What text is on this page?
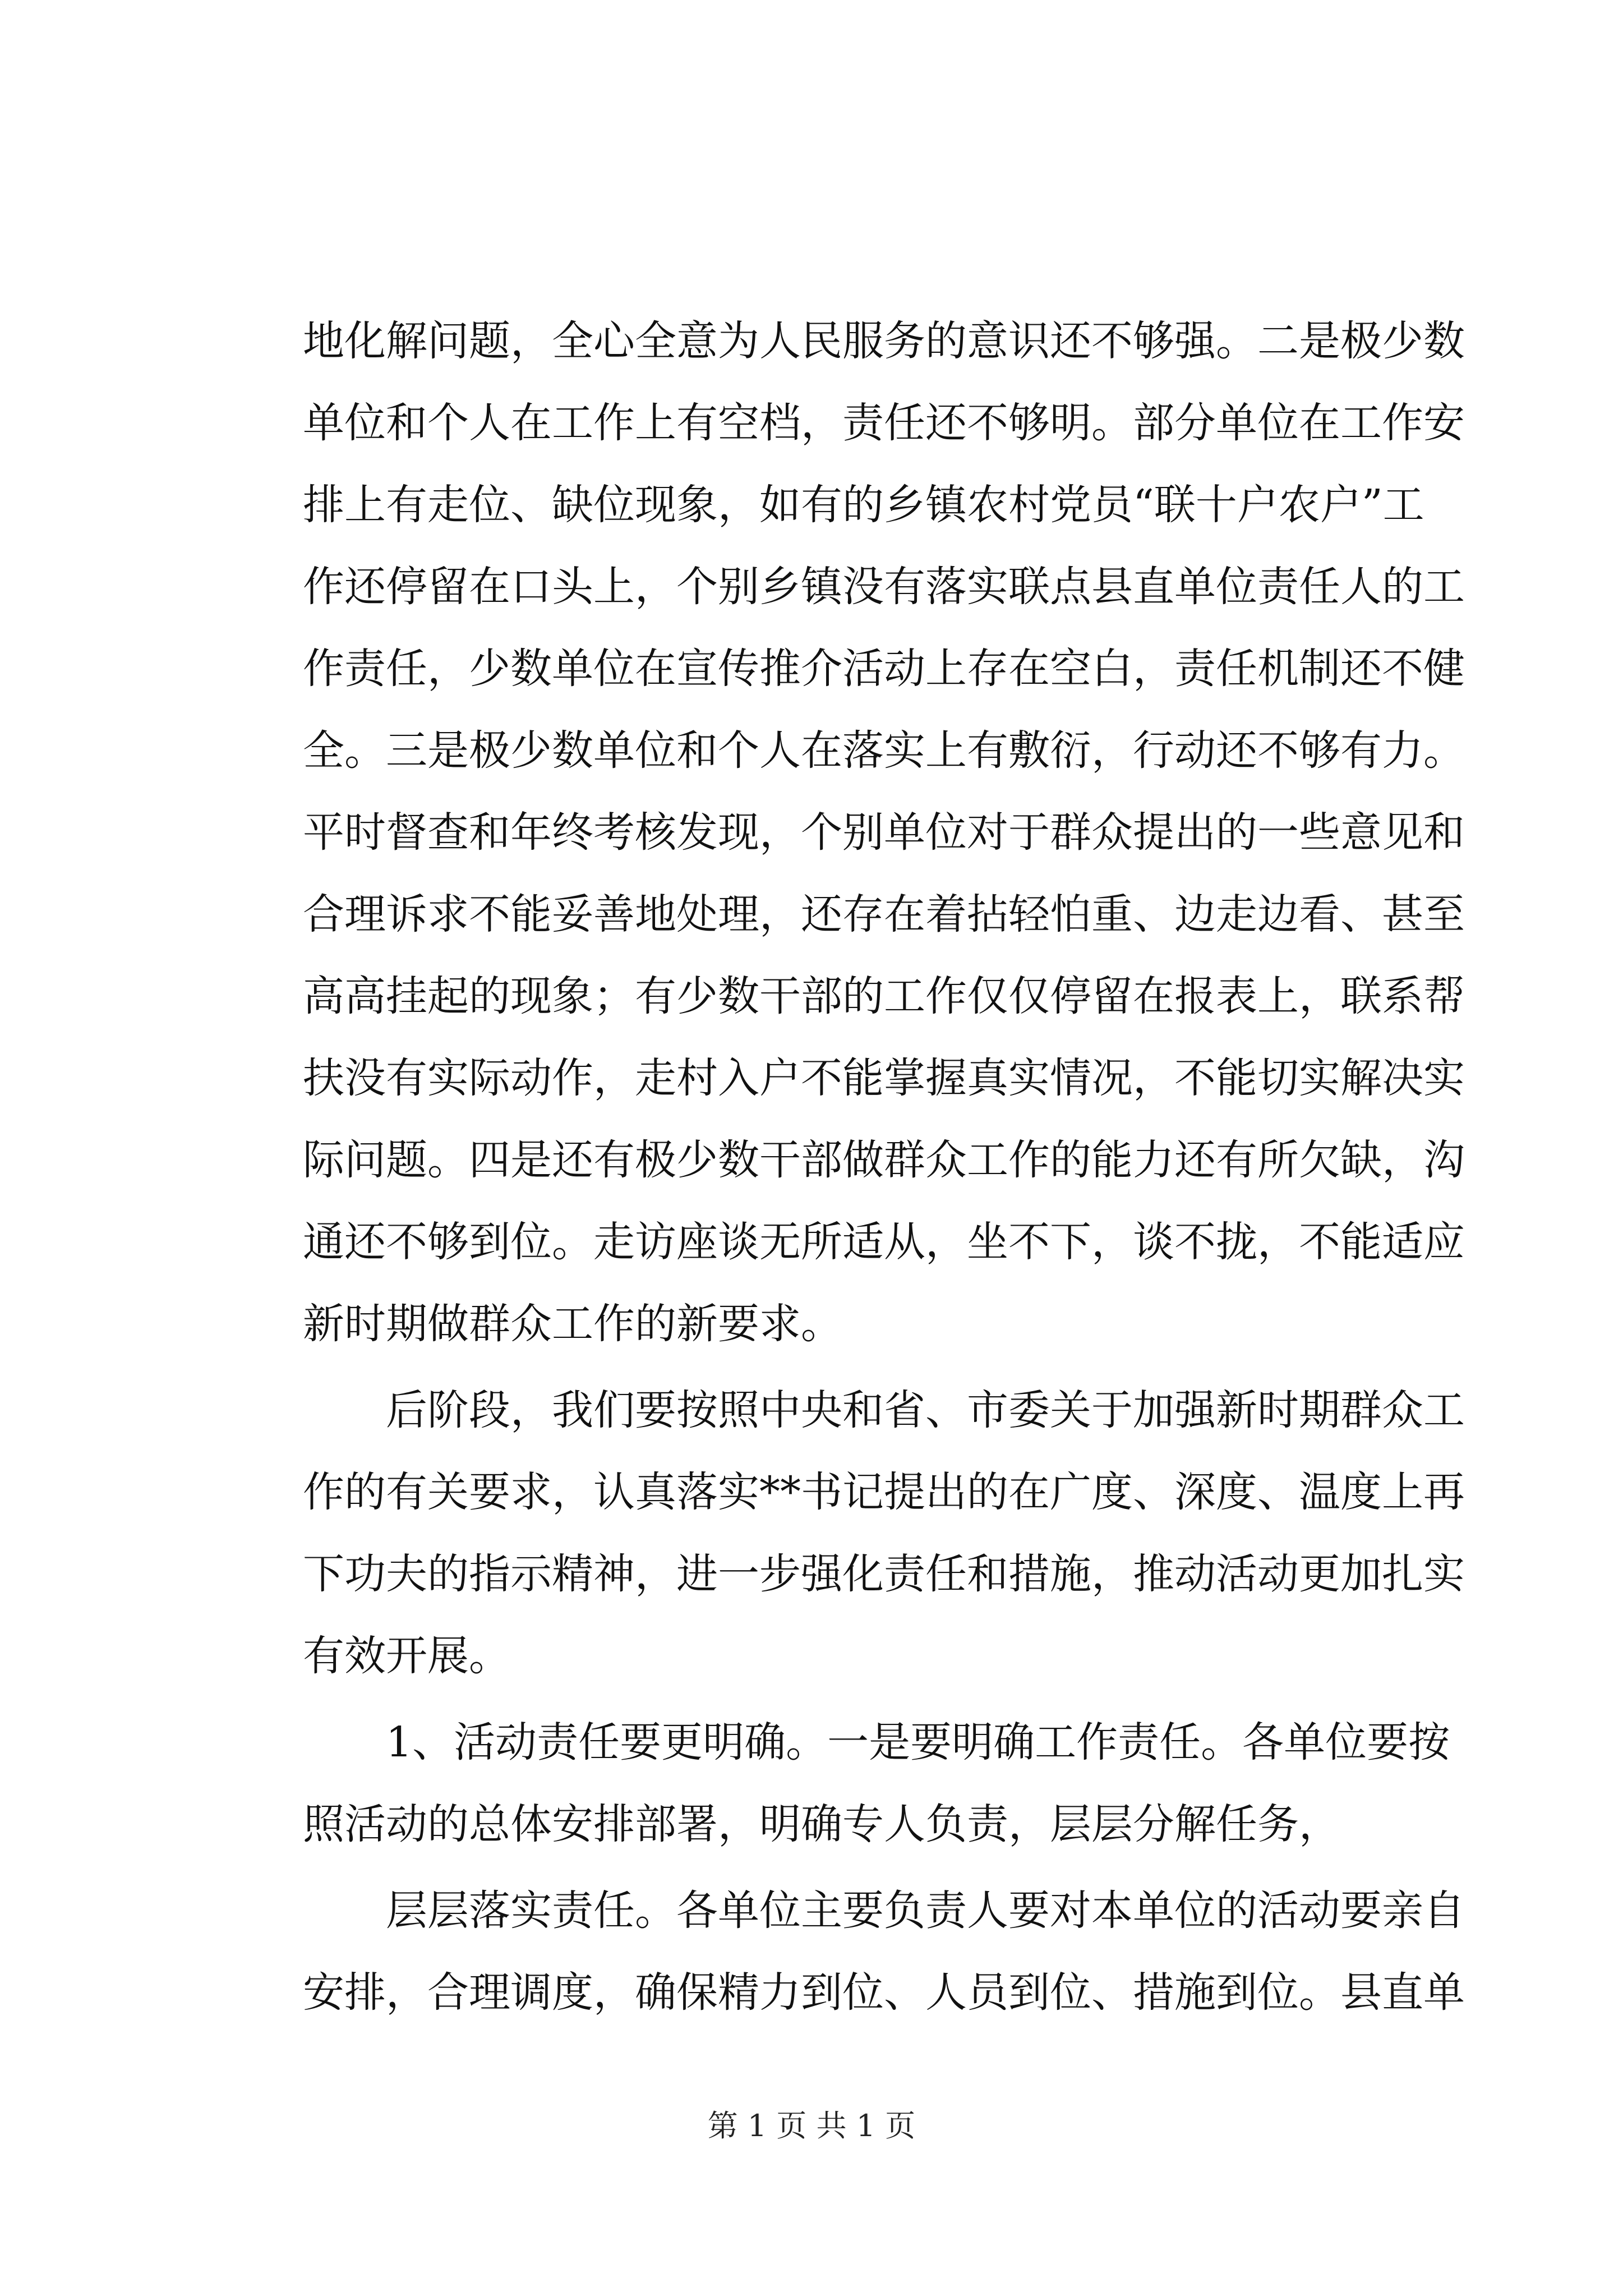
地化解问题，全心全意为人民服务的意识还不够强。二是极少数
单位和个人在工作上有空档，责任还不够明。部分单位在工作安
排上有走位、缺位现象，如有的乡镇农村党员“联十户农户”工
作还停留在口头上，个别乡镇没有落实联点县直单位责任人的工
作责任，少数单位在宣传推介活动上存在空白，责任机制还不健
全。三是极少数单位和个人在落实上有敷衍，行动还不够有力。
平时督查和年终考核发现，个别单位对于群众提出的一些意见和
合理诉求不能妥善地处理，还存在着拈轻怕重、边走边看、甚至
高高挂起的现象；有少数干部的工作仅仅停留在报表上，联系帮
扶没有实际动作，走村入户不能掌握真实情况，不能切实解决实
际问题。四是还有极少数干部做群众工作的能力还有所欠缺，沟
通还不够到位。走访座谈无所适从，坐不下，谈不拢，不能适应
新时期做群众工作的新要求。
　　后阶段，我们要按照中央和省、市委关于加强新时期群众工
作的有关要求，认真落实**书记提出的在广度、深度、温度上再
下功夫的指示精神，进一步强化责任和措施，推动活动更加扎实
有效开展。
　　1、活动责任要更明确。一是要明确工作责任。各单位要按
照活动的总体安排部署，明确专人负责，层层分解任务，
　　层层落实责任。各单位主要负责人要对本单位的活动要亲自
安排，合理调度，确保精力到位、人员到位、措施到位。县直单
第 1 页 共 1 页
